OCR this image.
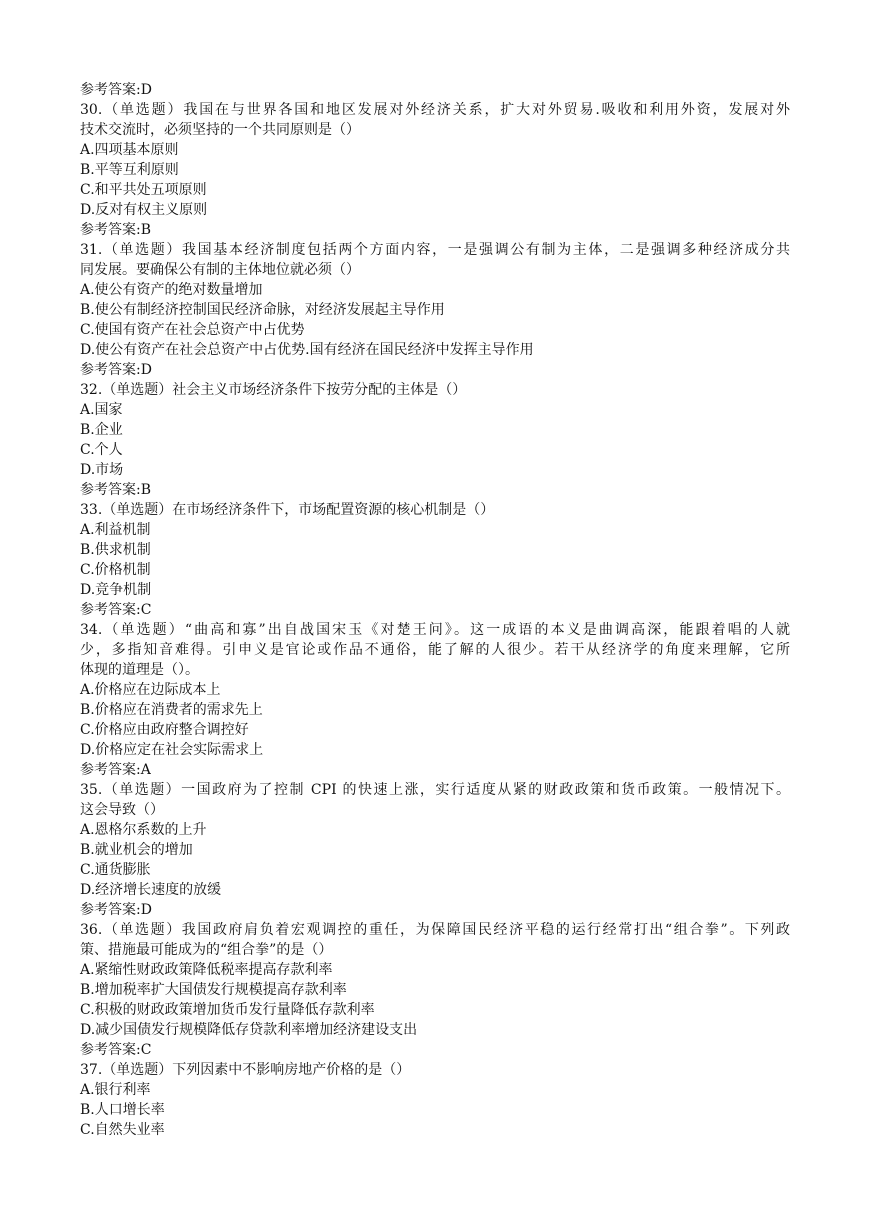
参考答案:D
30.（单选题）我国在与世界各国和地区发展对外经济关系，扩大对外贸易.吸收和利用外资，发展对外
技术交流时，必须坚持的一个共同原则是（）
A.四项基本原则
B.平等互利原则
C.和平共处五项原则
D.反对有权主义原则
参考答案:B
31.（单选题）我国基本经济制度包括两个方面内容，一是强调公有制为主体，二是强调多种经济成分共
同发展。要确保公有制的主体地位就必须（）
A.使公有资产的绝对数量增加
B.使公有制经济控制国民经济命脉，对经济发展起主导作用
C.使国有资产在社会总资产中占优势
D.使公有资产在社会总资产中占优势.国有经济在国民经济中发挥主导作用
参考答案:D
32.（单选题）社会主义市场经济条件下按劳分配的主体是（）
A.国家
B.企业
C.个人
D.市场
参考答案:B
33.（单选题）在市场经济条件下，市场配置资源的核心机制是（）
A.利益机制
B.供求机制
C.价格机制
D.竞争机制
参考答案:C
34.（单选题）“曲高和寡”出自战国宋玉《对楚王问》。这一成语的本义是曲调高深，能跟着唱的人就
少，多指知音难得。引申义是官论或作品不通俗，能了解的人很少。若干从经济学的角度来理解，它所
体现的道理是（）。
A.价格应在边际成本上
B.价格应在消费者的需求先上
C.价格应由政府整合调控好
D.价格应定在社会实际需求上
参考答案:A
35.（单选题）一国政府为了控制 CPI 的快速上涨，实行适度从紧的财政政策和货币政策。一般情况下。
这会导致（）
A.恩格尔系数的上升
B.就业机会的增加
C.通货膨胀
D.经济增长速度的放缓
参考答案:D
36.（单选题）我国政府肩负着宏观调控的重任，为保障国民经济平稳的运行经常打出“组合拳”。下列政
策、措施最可能成为的“组合拳”的是（）
A.紧缩性财政政策降低税率提高存款利率
B.增加税率扩大国债发行规模提高存款利率
C.积极的财政政策增加货币发行量降低存款利率
D.减少国债发行规模降低存贷款利率增加经济建设支出
参考答案:C
37.（单选题）下列因素中不影响房地产价格的是（）
A.银行利率
B.人口增长率
C.自然失业率
